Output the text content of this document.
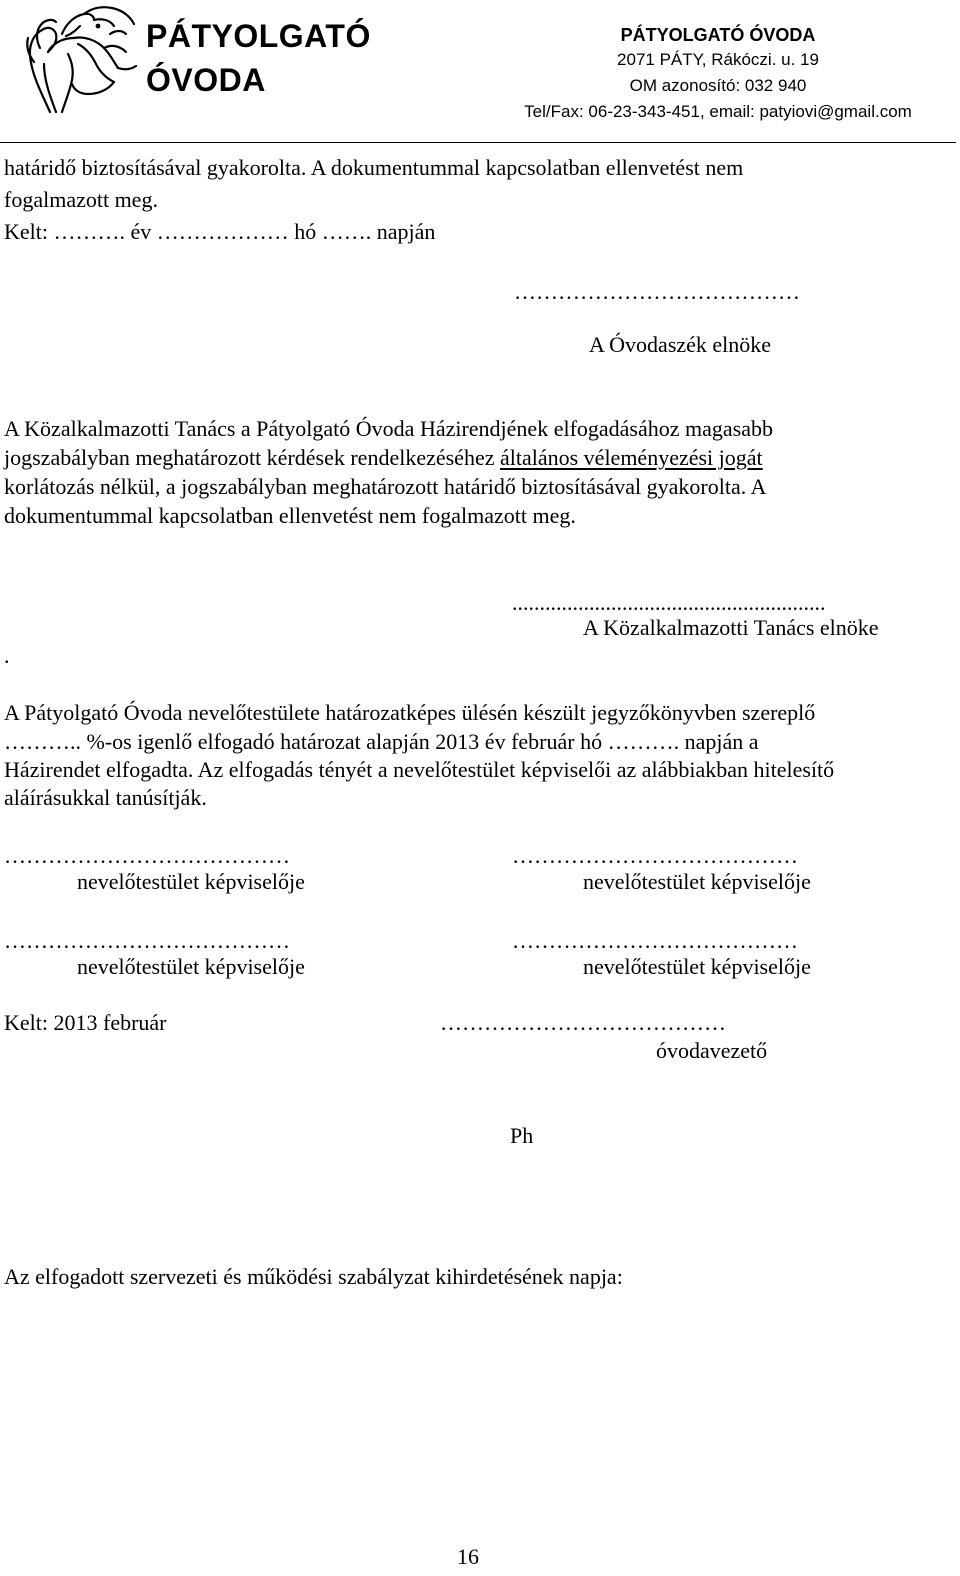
PÁTYOLGATÓ
ÓVODA
PÁTYOLGATÓ ÓVODA
2071 PÁTY, Rákóczi. u. 19
OM azonosító: 032 940
Tel/Fax: 06-23-343-451, email: patyiovi@gmail.com
határidő biztosításával gyakorolta. A dokumentummal kapcsolatban ellenvetést nem
fogalmazott meg.
Kelt: ………. év ……………… hó ……. napján
…………………………………
A Óvodaszék elnöke
A Közalkalmazotti Tanács a Pátyolgató Óvoda Házirendjének elfogadásához magasabb
jogszabályban meghatározott kérdések rendelkezéséhez általános véleményezési jogát
korlátozás nélkül, a jogszabályban meghatározott határidő biztosításával gyakorolta. A
dokumentummal kapcsolatban ellenvetést nem fogalmazott meg.
.........................................................
A Közalkalmazotti Tanács elnöke
.
A Pátyolgató Óvoda nevelőtestülete határozatképes ülésén készült jegyzőkönyvben szereplő
……….. %-os igenlő elfogadó határozat alapján 2013 év február hó ………. napján a
Házirendet elfogadta. Az elfogadás tényét a nevelőtestület képviselői az alábbiakban hitelesítő
aláírásukkal tanúsítják.
…………………………………	…………………………………
nevelőtestület képviselője	nevelőtestület képviselője
…………………………………	…………………………………
nevelőtestület képviselője	nevelőtestület képviselője
Kelt: 2013 február	…………………………………
óvodavezető
Ph
Az elfogadott szervezeti és működési szabályzat kihirdetésének napja:
16
